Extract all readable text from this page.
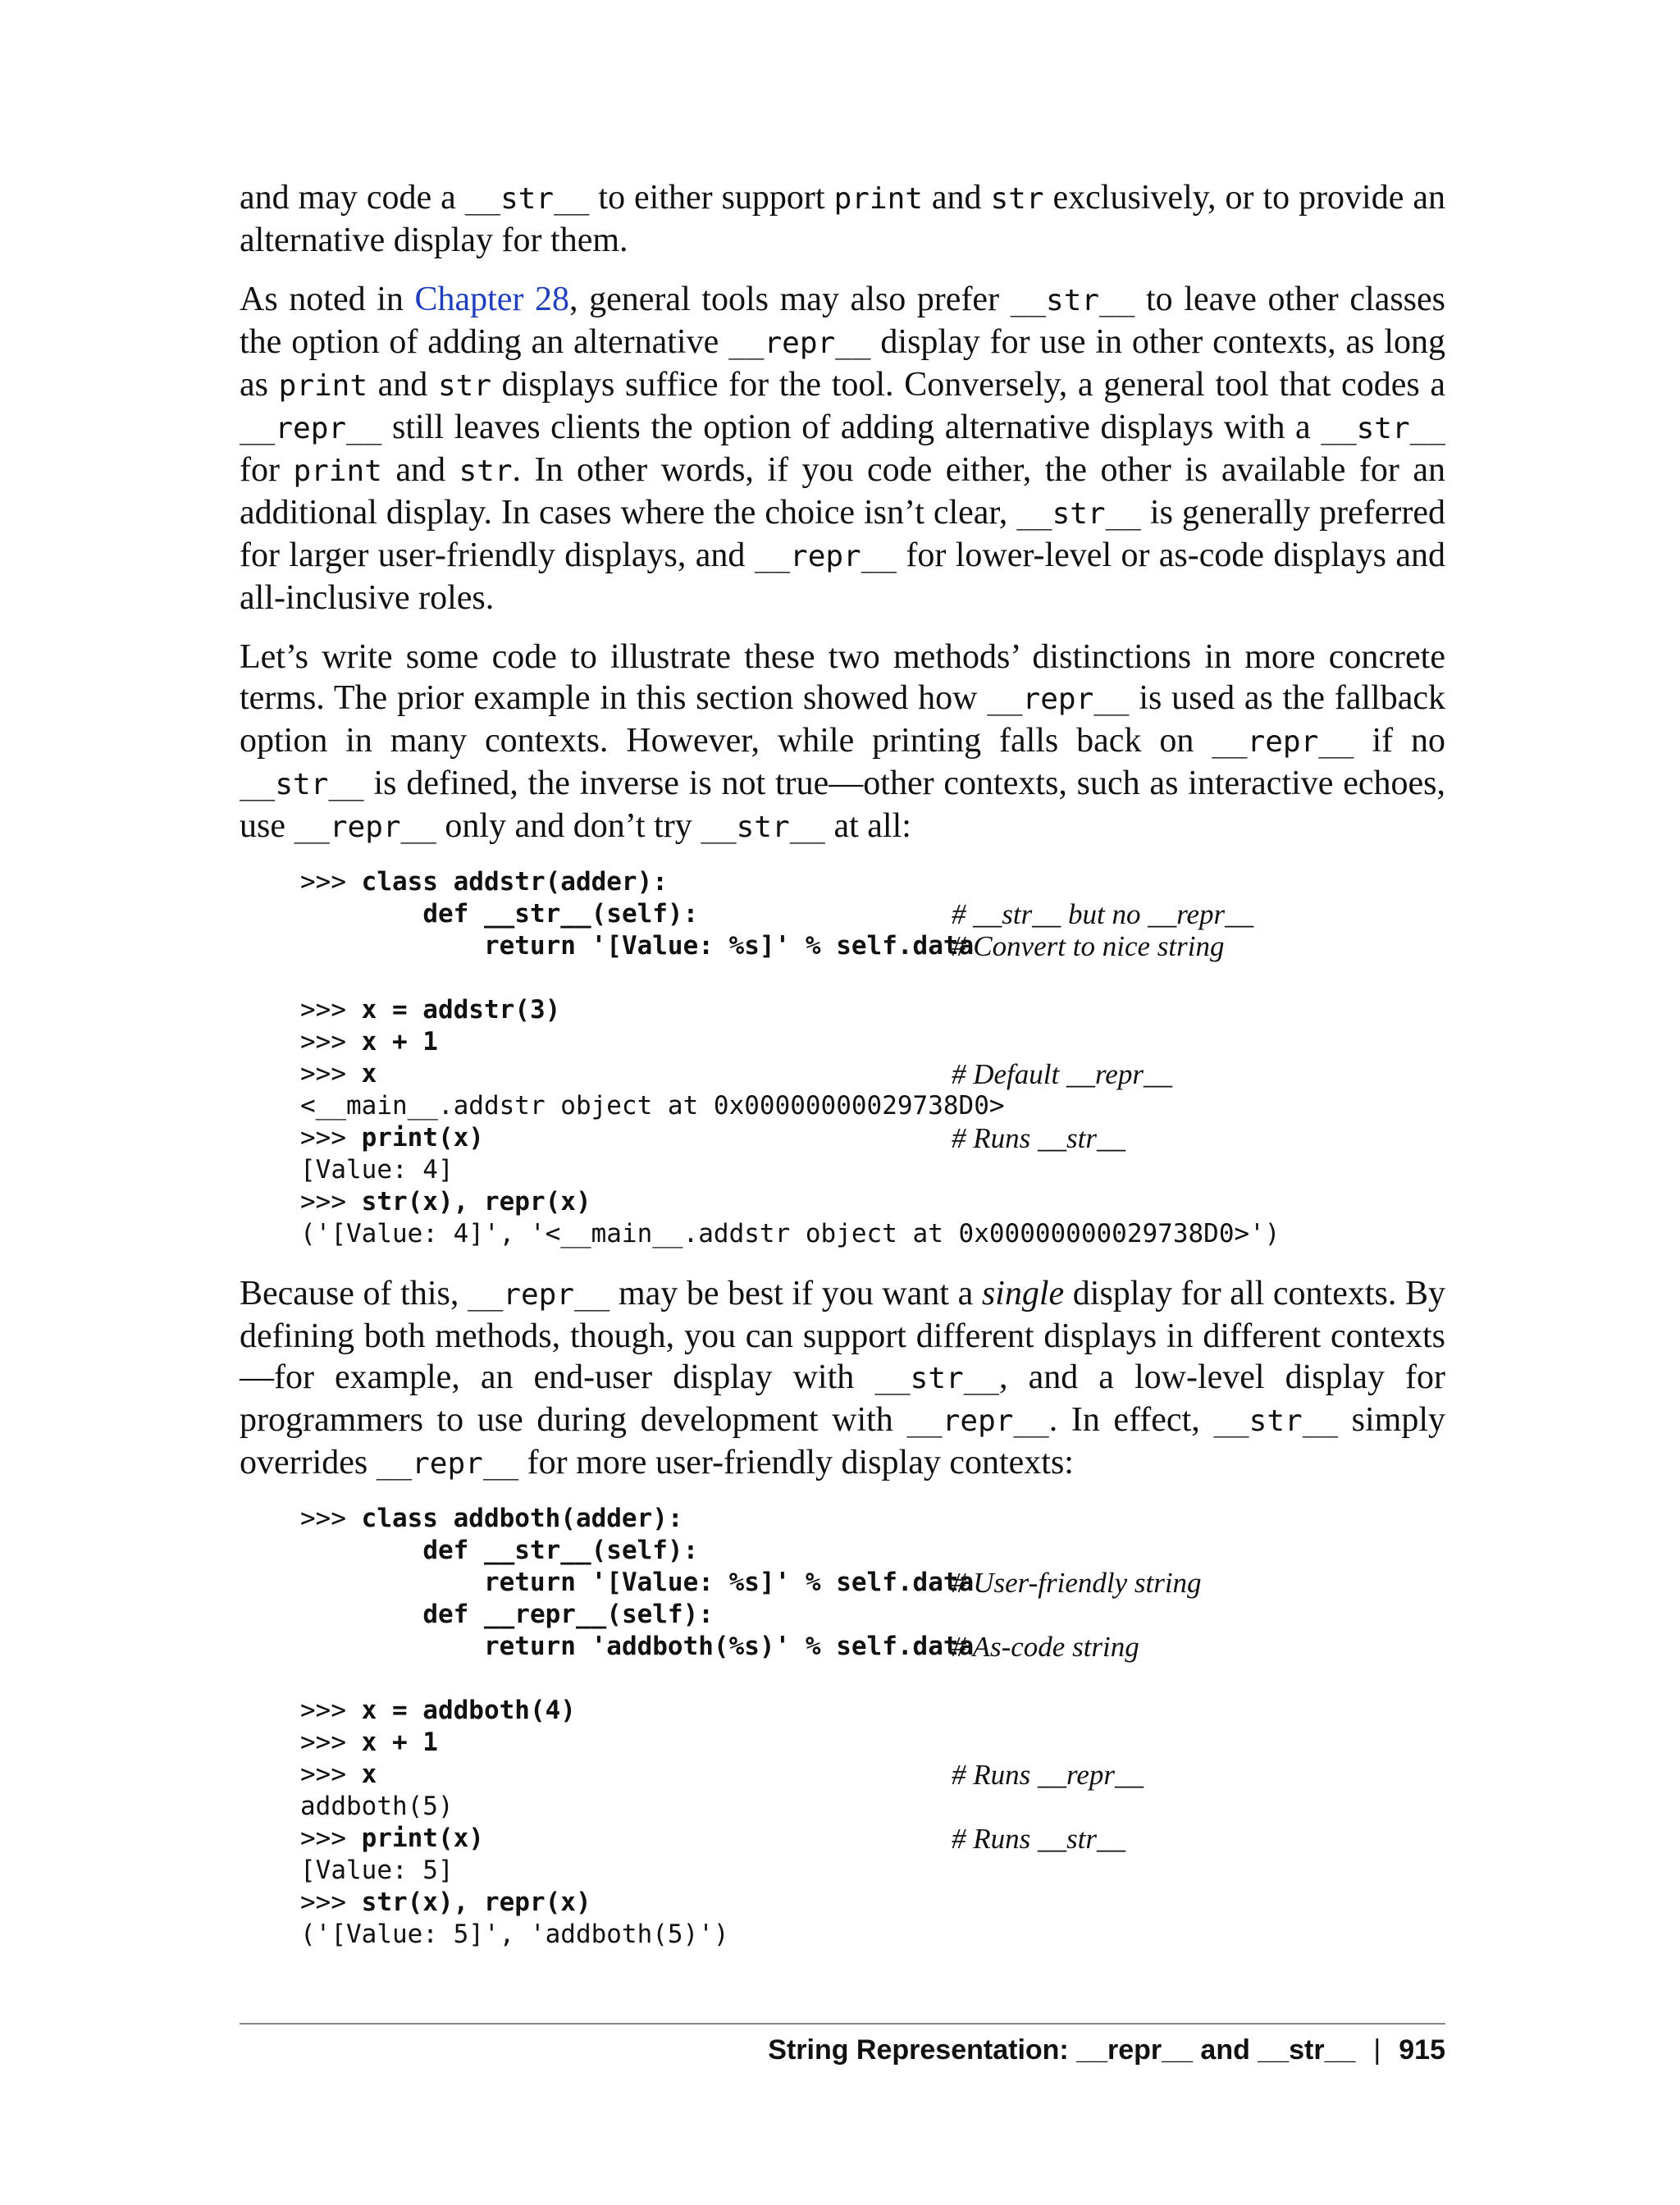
and may code a __str__ to either support print and str exclusively, or to provide an alternative display for them.

As noted in Chapter 28, general tools may also prefer __str__ to leave other classes the option of adding an alternative __repr__ display for use in other contexts, as long as print and str displays suffice for the tool. Conversely, a general tool that codes a __repr__ still leaves clients the option of adding alternative displays with a __str__ for print and str. In other words, if you code either, the other is available for an additional display. In cases where the choice isn’t clear, __str__ is generally preferred for larger user-friendly displays, and __repr__ for lower-level or as-code displays and all-inclusive roles.

Let’s write some code to illustrate these two methods’ distinctions in more concrete terms. The prior example in this section showed how __repr__ is used as the fallback option in many contexts. However, while printing falls back on __repr__ if no __str__ is defined, the inverse is not true—other contexts, such as interactive echoes, use __repr__ only and don’t try __str__ at all:

>>> class addstr(adder):
def __str__(self):	# __str__ but no __repr__
return '[Value: %s]' % self.data
# Convert to nice string
>>> x = addstr(3)
>>> x + 1
>>> x	# Default __repr__
<__main__.addstr object at 0x00000000029738D0>
>>> print(x)	# Runs __str__
[Value: 4]
>>> str(x), repr(x)
('[Value: 4]', '<__main__.addstr object at 0x00000000029738D0>')

Because of this, __repr__ may be best if you want a single display for all contexts. By defining both methods, though, you can support different displays in different contexts—for example, an end-user display with __str__, and a low-level display for programmers to use during development with __repr__. In effect, __str__ simply overrides __repr__ for more user-friendly display contexts:

>>> class addboth(adder):
def __str__(self):
return '[Value: %s]' % self.data
# User-friendly string
def __repr__(self):
return 'addboth(%s)' % self.data
# As-code string
>>> x = addboth(4)
>>> x + 1
>>> x	# Runs __repr__
addboth(5)
>>> print(x)	# Runs __str__
[Value: 5]
>>> str(x), repr(x)
('[Value: 5]', 'addboth(5)')
String Representation: __repr__ and __str__ | 915
